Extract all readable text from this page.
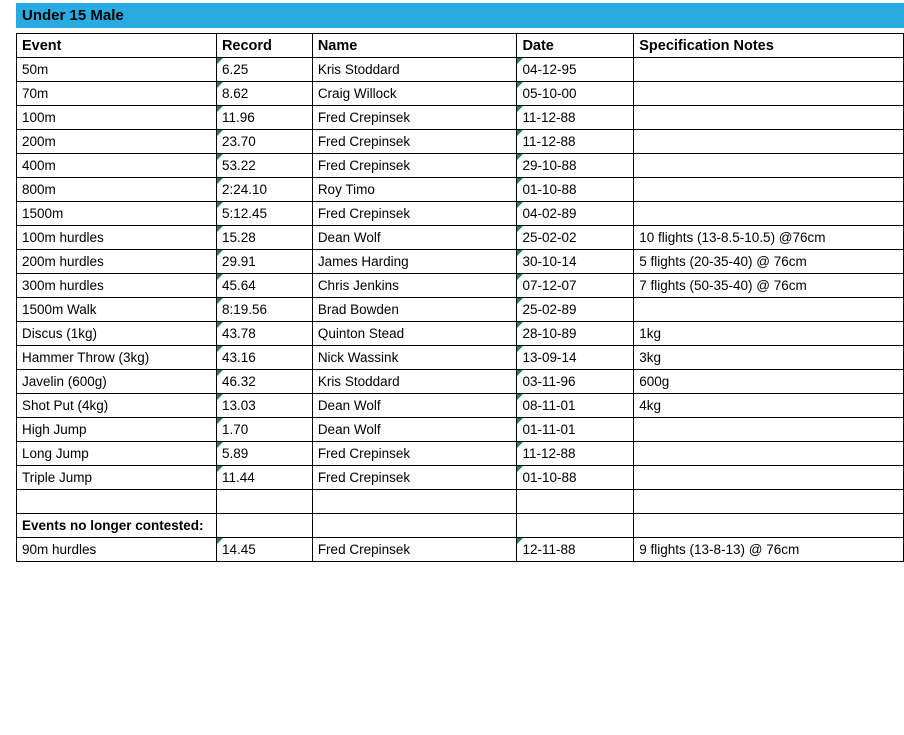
Under 15 Male
Event	Record	Name	Date	Specification Notes
50m	6.25	Kris Stoddard	04-12-95	
70m	8.62	Craig Willock	05-10-00	
100m	11.96	Fred Crepinsek	11-12-88	
200m	23.70	Fred Crepinsek	11-12-88	
400m	53.22	Fred Crepinsek	29-10-88	
800m	2:24.10	Roy Timo	01-10-88	
1500m	5:12.45	Fred Crepinsek	04-02-89	
100m hurdles	15.28	Dean Wolf	25-02-02	10 flights (13-8.5-10.5) @76cm
200m hurdles	29.91	James Harding	30-10-14	5 flights (20-35-40) @ 76cm
300m hurdles	45.64	Chris Jenkins	07-12-07	7 flights (50-35-40) @ 76cm
1500m Walk	8:19.56	Brad Bowden	25-02-89	
Discus (1kg)	43.78	Quinton Stead	28-10-89	1kg
Hammer Throw (3kg)	43.16	Nick Wassink	13-09-14	3kg
Javelin (600g)	46.32	Kris Stoddard	03-11-96	600g
Shot Put (4kg)	13.03	Dean Wolf	08-11-01	4kg
High Jump	1.70	Dean Wolf	01-11-01	
Long Jump	5.89	Fred Crepinsek	11-12-88	
Triple Jump	11.44	Fred Crepinsek	01-10-88	

Events no longer contested:				
90m hurdles	14.45	Fred Crepinsek	12-11-88	9 flights (13-8-13) @ 76cm
